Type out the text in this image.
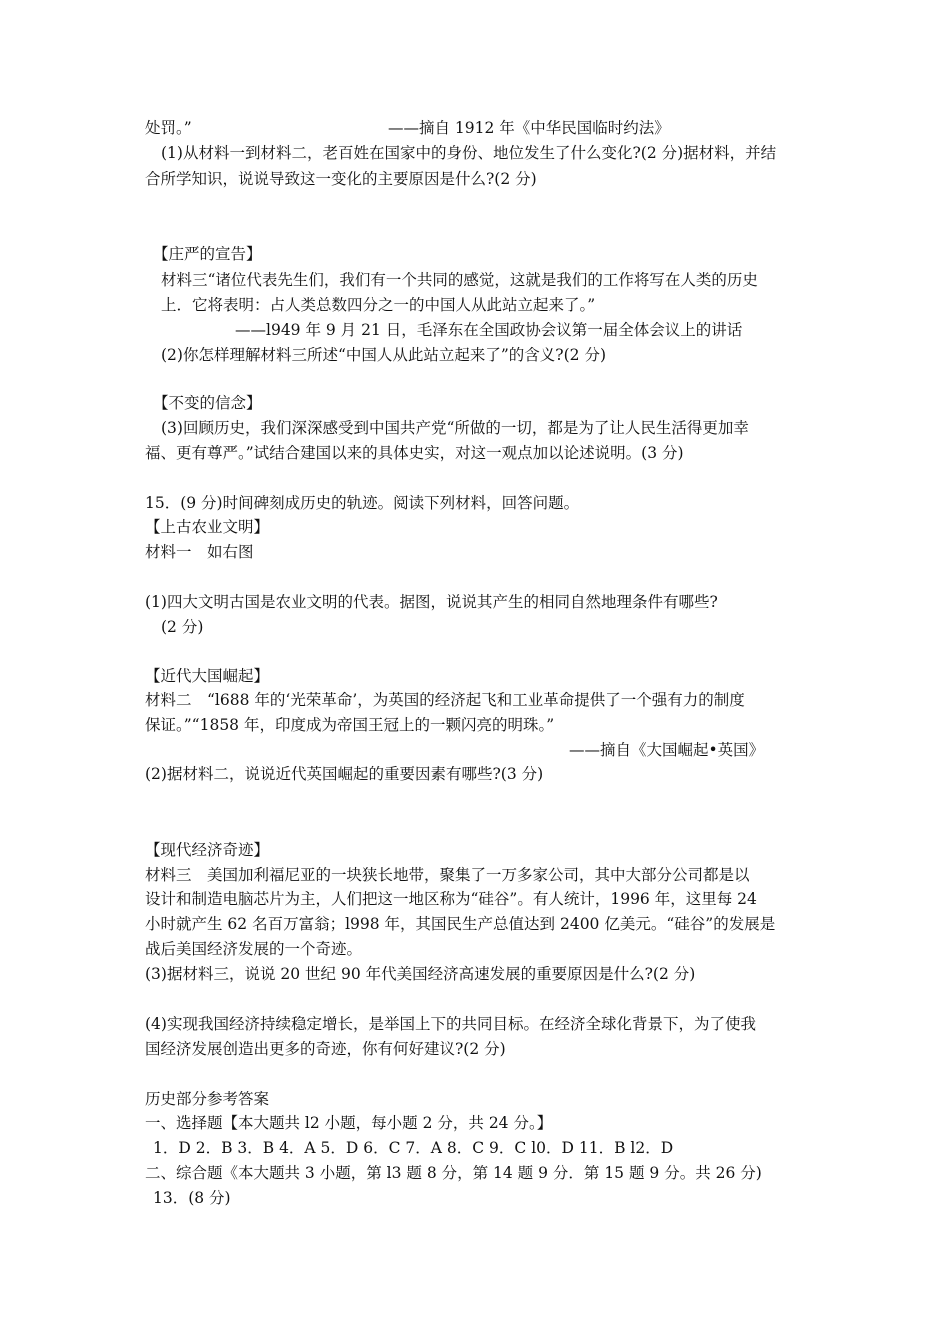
处罚。”	——摘自 1912 年《中华民国临时约法》
(1)从材料一到材料二，老百姓在国家中的身份、地位发生了什么变化?(2 分)据材料，并结
合所学知识，说说导致这一变化的主要原因是什么?(2 分)
【庄严的宣告】
材料三“诸位代表先生们，我们有一个共同的感觉，这就是我们的工作将写在人类的历史
上．它将表明：占人类总数四分之一的中国人从此站立起来了。”
——l949 年 9 月 21 日，毛泽东在全国政协会议第一届全体会议上的讲话
(2)你怎样理解材料三所述“中国人从此站立起来了”的含义?(2 分)
【不变的信念】
(3)回顾历史，我们深深感受到中国共产党“所做的一切，都是为了让人民生活得更加幸
福、更有尊严。”试结合建国以来的具体史实，对这一观点加以论述说明。(3 分)
15．(9 分)时间碑刻成历史的轨迹。阅读下列材料，回答问题。
【上古农业文明】
材料一　如右图
(1)四大文明古国是农业文明的代表。据图，说说其产生的相同自然地理条件有哪些?
(2 分)
【近代大国崛起】
材料二　“l688 年的‘光荣革命’，为英国的经济起飞和工业革命提供了一个强有力的制度
保证。”“1858 年，印度成为帝国王冠上的一颗闪亮的明珠。”
——摘自《大国崛起•英国》
(2)据材料二，说说近代英国崛起的重要因素有哪些?(3 分)
【现代经济奇迹】
材料三　美国加利福尼亚的一块狭长地带，聚集了一万多家公司，其中大部分公司都是以
设计和制造电脑芯片为主，人们把这一地区称为“硅谷”。有人统计，1996 年，这里每 24
小时就产生 62 名百万富翁；l998 年，其国民生产总值达到 2400 亿美元。“硅谷”的发展是
战后美国经济发展的一个奇迹。
(3)据材料三，说说 20 世纪 90 年代美国经济高速发展的重要原因是什么?(2 分)
(4)实现我国经济持续稳定增长，是举国上下的共同目标。在经济全球化背景下，为了使我
国经济发展创造出更多的奇迹，你有何好建议?(2 分)
历史部分参考答案
一、选择题【本大题共 l2 小题，每小题 2 分，共 24 分。】
1．D 2．B 3．B 4．A 5．D 6．C 7．A 8．C 9．C l0．D 11．B l2．D
二、综合题《本大题共 3 小题，第 l3 题 8 分，第 14 题 9 分．第 15 题 9 分。共 26 分)
13．(8 分)
